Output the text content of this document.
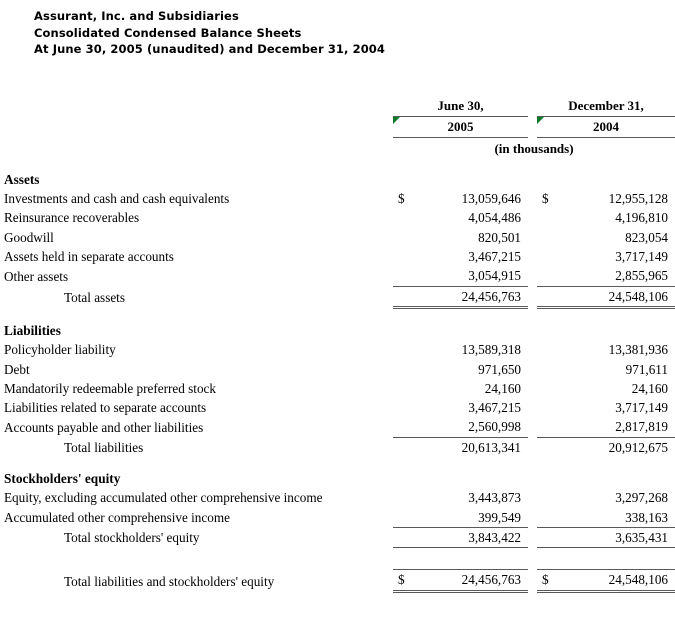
Assurant, Inc. and Subsidiaries
Consolidated Condensed Balance Sheets
At June 30, 2005 (unaudited) and December 31, 2004
	June 30,			December 31,	

2005			2004	
	(in thousands)				

Assets					
Investments and cash and cash equivalents	$	13,059,646		$	12,955,128
Reinsurance recoverables		4,054,486			4,196,810
Goodwill		820,501			823,054
Assets held in separate accounts		3,467,215			3,717,149
Other assets		3,054,915			2,855,965
Total assets		24,456,763			24,548,106

Liabilities					
Policyholder liability		13,589,318			13,381,936
Debt		971,650			971,611
Mandatorily redeemable preferred stock		24,160			24,160
Liabilities related to separate accounts		3,467,215			3,717,149
Accounts payable and other liabilities		2,560,998			2,817,819
Total liabilities		20,613,341			20,912,675

Stockholders' equity					
Equity, excluding accumulated other comprehensive income		3,443,873			3,297,268
Accumulated other comprehensive income		399,549			338,163
Total stockholders' equity		3,843,422			3,635,431

Total liabilities and stockholders' equity	$	24,456,763		$	24,548,106
